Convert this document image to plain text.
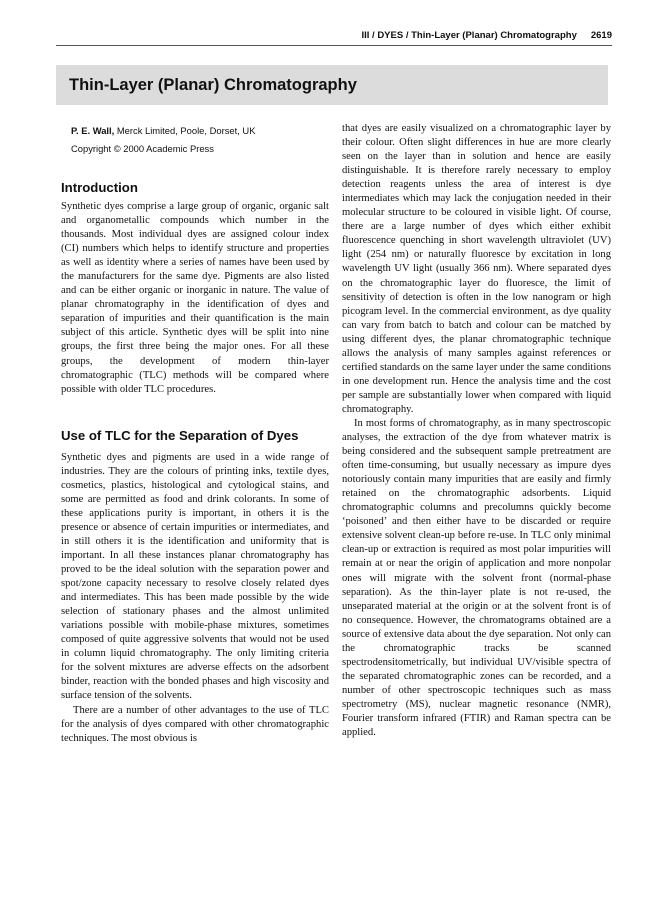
III / DYES / Thin-Layer (Planar) Chromatography 2619
Thin-Layer (Planar) Chromatography
P. E. Wall, Merck Limited, Poole, Dorset, UK
Copyright © 2000 Academic Press
Introduction

Synthetic dyes comprise a large group of organic, organic salt and organometallic compounds which number in the thousands. Most individual dyes are assigned colour index (CI) numbers which helps to identify structure and properties as well as identity where a series of names have been used by the manufacturers for the same dye. Pigments are also listed and can be either organic or inorganic in nature. The value of planar chromatography in the identification of dyes and separation of impurities and their quantification is the main subject of this article. Synthetic dyes will be split into nine groups, the first three being the major ones. For all these groups, the development of modern thin-layer chromatographic (TLC) methods will be compared where possible with older TLC procedures.

Use of TLC for the Separation of Dyes

Synthetic dyes and pigments are used in a wide range of industries. They are the colours of printing inks, textile dyes, cosmetics, plastics, histological and cytological stains, and some are permitted as food and drink colorants. In some of these applications purity is important, in others it is the presence or absence of certain impurities or intermediates, and in still others it is the identification and uniformity that is important. In all these instances planar chromatography has proved to be the ideal solution with the separation power and spot/zone capacity necessary to resolve closely related dyes and intermediates. This has been made possible by the wide selection of stationary phases and the almost unlimited variations possible with mobile-phase mixtures, sometimes composed of quite aggressive solvents that would not be used in column liquid chromatography. The only limiting criteria for the solvent mixtures are adverse effects on the adsorbent binder, reaction with the bonded phases and high viscosity and surface tension of the solvents.

There are a number of other advantages to the use of TLC for the analysis of dyes compared with other chromatographic techniques. The most obvious is

that dyes are easily visualized on a chromatographic layer by their colour. Often slight differences in hue are more clearly seen on the layer than in solution and hence are easily distinguishable. It is therefore rarely necessary to employ detection reagents unless the area of interest is dye intermediates which may lack the conjugation needed in their molecular structure to be coloured in visible light. Of course, there are a large number of dyes which either exhibit fluorescence quenching in short wavelength ultraviolet (UV) light (254 nm) or naturally fluoresce by excitation in long wavelength UV light (usually 366 nm). Where separated dyes on the chromatographic layer do fluoresce, the limit of sensitivity of detection is often in the low nanogram or high picogram level. In the commercial environment, as dye quality can vary from batch to batch and colour can be matched by using different dyes, the planar chromatographic technique allows the analysis of many samples against references or certified standards on the same layer under the same conditions in one development run. Hence the analysis time and the cost per sample are substantially lower when compared with liquid chromatography.

In most forms of chromatography, as in many spectroscopic analyses, the extraction of the dye from whatever matrix is being considered and the subsequent sample pretreatment are often time-consuming, but usually necessary as impure dyes notoriously contain many impurities that are easily and firmly retained on the chromatographic adsorbents. Liquid chromatographic columns and precolumns quickly become ‘poisoned’ and then either have to be discarded or require extensive solvent clean-up before re-use. In TLC only minimal clean-up or extraction is required as most polar impurities will remain at or near the origin of application and more nonpolar ones will migrate with the solvent front (normal-phase separation). As the thin-layer plate is not re-used, the unseparated material at the origin or at the solvent front is of no consequence. However, the chromatograms obtained are a source of extensive data about the dye separation. Not only can the chromatographic tracks be scanned spectrodensitometrically, but individual UV/visible spectra of the separated chromatographic zones can be recorded, and a number of other spectroscopic techniques such as mass spectrometry (MS), nuclear magnetic resonance (NMR), Fourier transform infrared (FTIR) and Raman spectra can be applied.
